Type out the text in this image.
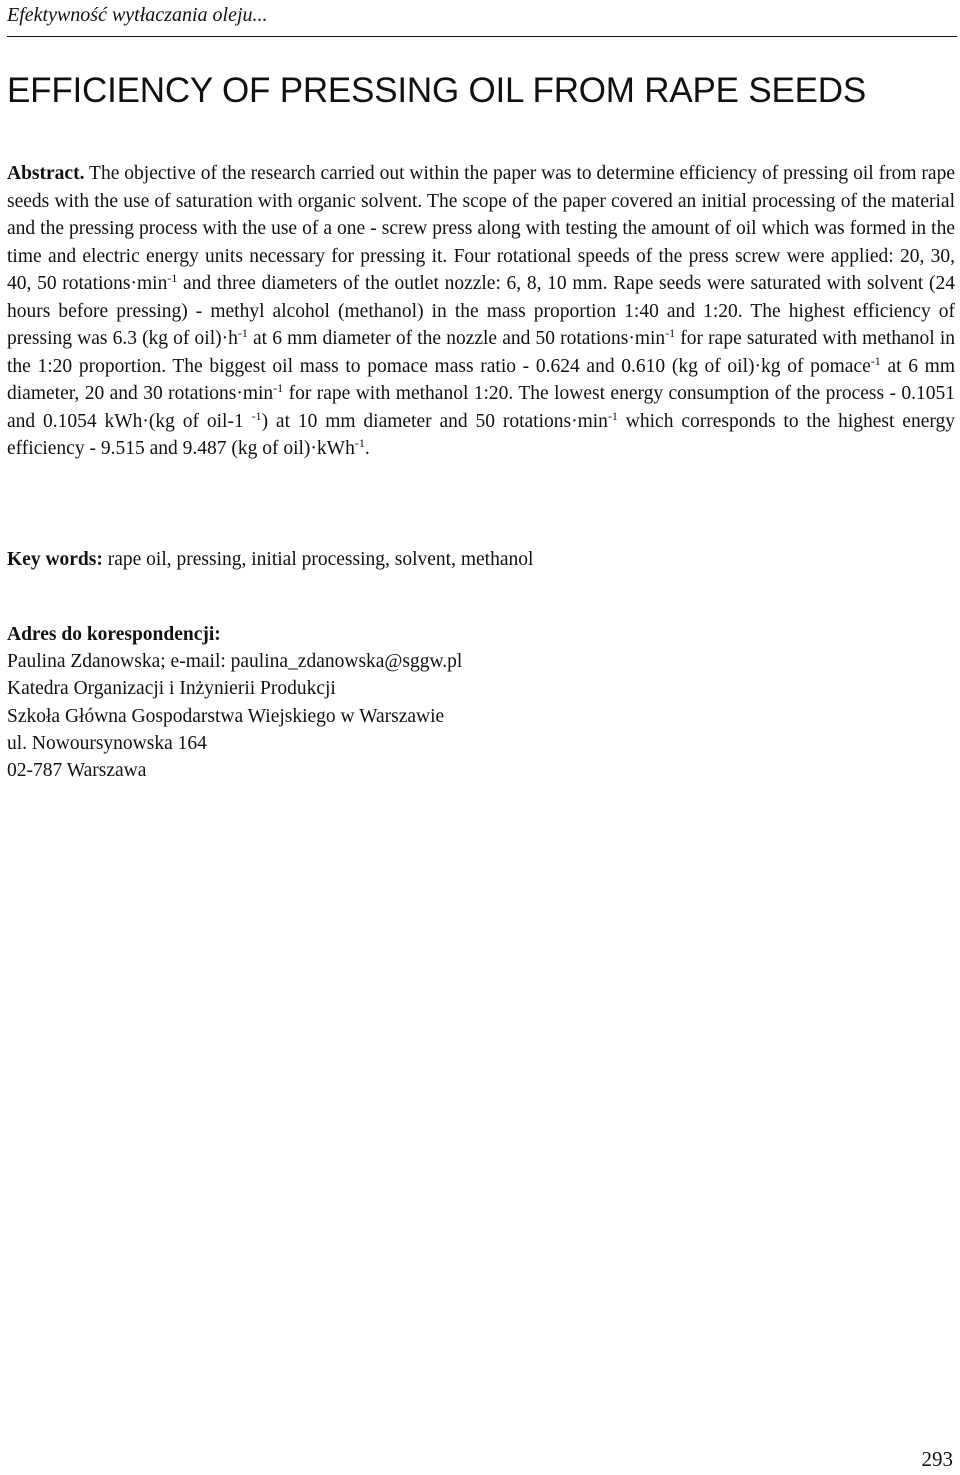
Efektywność wytłaczania oleju...
EFFICIENCY OF PRESSING OIL FROM RAPE SEEDS

Abstract. The objective of the research carried out within the paper was to determine efficiency of pressing oil from rape seeds with the use of saturation with organic solvent. The scope of the paper covered an initial processing of the material and the pressing process with the use of a one - screw press along with testing the amount of oil which was formed in the time and electric energy units necessary for pressing it. Four rotational speeds of the press screw were applied: 20, 30, 40, 50 $rotations\cdot\min^{-1}$ and three diameters of the outlet nozzle: 6, 8, 10 mm. Rape seeds were saturated with solvent (24 hours before pressing) - methyl alcohol (methanol) in the mass proportion 1:40 and 1:20. The highest efficiency of pressing was 6.3 (kg of $oil)\cdot h^{-1}$ at 6 mm diameter of the nozzle and 50 $rotations\cdot\min^{-1}$ for rape saturated with methanol in the 1:20 proportion. The biggest oil mass to pomace mass ratio - 0.624 and 0.610 (kg of oil)·kg of pomace$^{-1}$ at 6 mm diameter, 20 and 30 $rotations\cdot\min^{-1}$ for rape with methanol 1:20. The lowest energy consumption of the process - 0.1051 and 0.1054 kWh·(kg of oil-1 $^{-1}$) at 10 mm diameter and 50 $rotations\cdot\min^{-1}$ which corresponds to the highest energy efficiency - 9.515 and 9.487 (kg of oil)·kWh$^{-1}$.

Key words: rape oil, pressing, initial processing, solvent, methanol

Adres do korespondencji:
Paulina Zdanowska; e-mail: paulina_zdanowska@sggw.pl
Katedra Organizacji i Inżynierii Produkcji
Szkoła Główna Gospodarstwa Wiejskiego w Warszawie
ul. Nowoursynowska 164
02-787 Warszawa
293
